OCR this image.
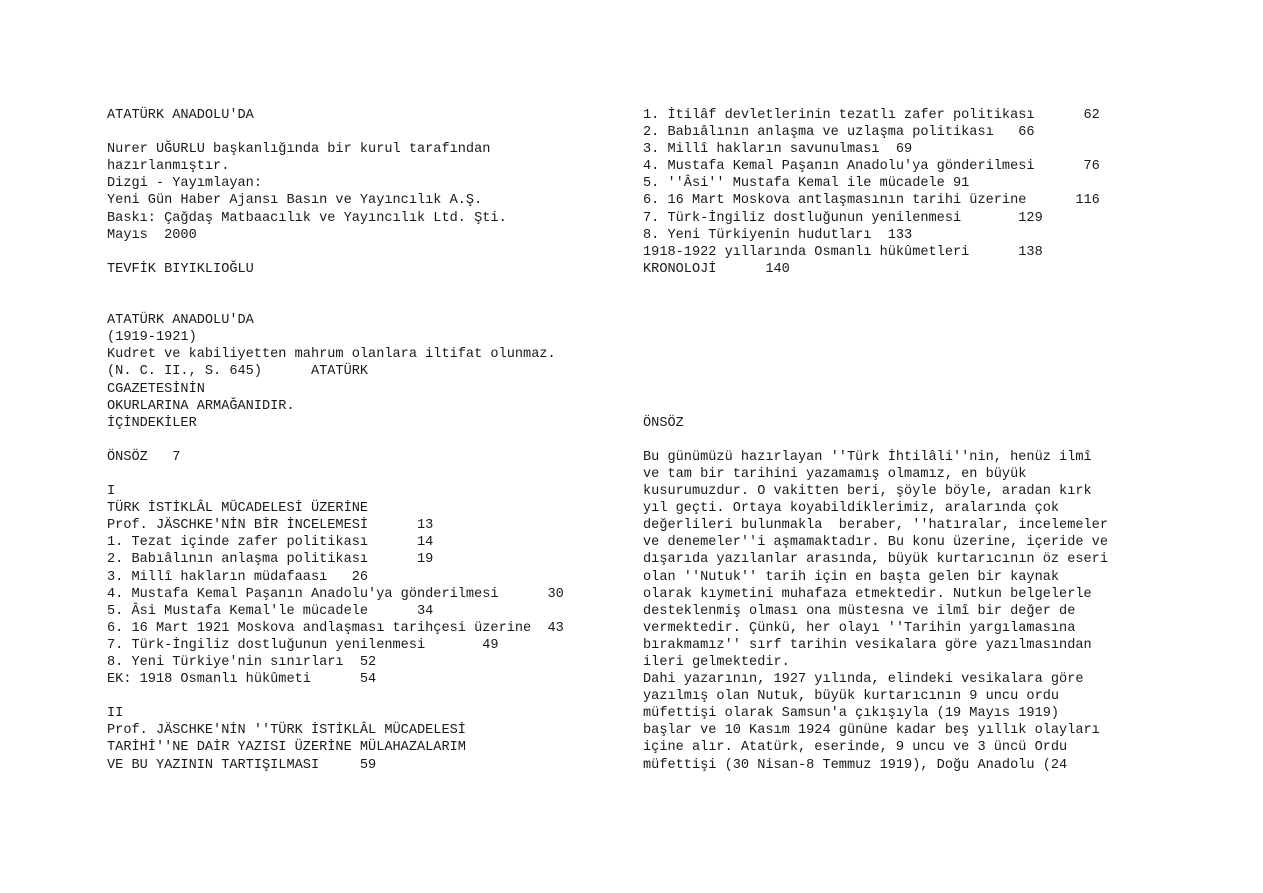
ATATÜRK ANADOLU'DA
Nurer UĞURLU başkanlığında bir kurul tarafından
hazırlanmıştır.
Dizgi - Yayımlayan:
Yeni Gün Haber Ajansı Basın ve Yayıncılık A.Ş.
Baskı: Çağdaş Matbaacılık ve Yayıncılık Ltd. Şti.
Mayıs  2000
TEVFİK BIYIKLIOĞLU
ATATÜRK ANADOLU'DA
(1919-1921)
Kudret ve kabiliyetten mahrum olanlara iltifat olunmaz.
(N. C. II., S. 645)      ATATÜRK
CGAZETESİNİN
OKURLARINA ARMAĞANIDIR.
İÇİNDEKİLER
ÖNSÖZ   7
I
TÜRK İSTİKLÂL MÜCADELESİ ÜZERİNE
Prof. JÄSCHKE'NİN BİR İNCELEMESİ      13
1. Tezat içinde zafer politikası      14
2. Babıâlının anlaşma politikası      19
3. Millî hakların müdafaası   26
4. Mustafa Kemal Paşanın Anadolu'ya gönderilmesi      30
5. Âsi Mustafa Kemal'le mücadele      34
6. 16 Mart 1921 Moskova andlaşması tarihçesi üzerine  43
7. Türk-İngiliz dostluğunun yenilenmesi       49
8. Yeni Türkiye'nin sınırları  52
EK: 1918 Osmanlı hükûmeti      54
II
Prof. JÄSCHKE'NİN ''TÜRK İSTİKLÂL MÜCADELESİ
TARİHİ''NE DAİR YAZISI ÜZERİNE MÜLAHAZALARIM
VE BU YAZININ TARTIŞILMASI     59
1. İtilâf devletlerinin tezatlı zafer politikası      62
2. Babıâlının anlaşma ve uzlaşma politikası   66
3. Millî hakların savunulması  69
4. Mustafa Kemal Paşanın Anadolu'ya gönderilmesi      76
5. ''Âsi'' Mustafa Kemal ile mücadele 91
6. 16 Mart Moskova antlaşmasının tarihi üzerine      116
7. Türk-İngiliz dostluğunun yenilenmesi       129
8. Yeni Türkiyenin hudutları  133
1918-1922 yıllarında Osmanlı hükûmetleri      138
KRONOLOJİ      140
ÖNSÖZ
Bu günümüzü hazırlayan ''Türk İhtilâli''nin, henüz ilmî
ve tam bir tarihini yazamamış olmamız, en büyük
kusurumuzdur. O vakitten beri, şöyle böyle, aradan kırk
yıl geçti. Ortaya koyabildiklerimiz, aralarında çok
değerlileri bulunmakla  beraber, ''hatıralar, incelemeler
ve denemeler''i aşmamaktadır. Bu konu üzerine, içeride ve
dışarıda yazılanlar arasında, büyük kurtarıcının öz eseri
olan ''Nutuk'' tarih için en başta gelen bir kaynak
olarak kıymetini muhafaza etmektedir. Nutkun belgelerle
desteklenmiş olması ona müstesna ve ilmî bir değer de
vermektedir. Çünkü, her olayı ''Tarihin yargılamasına
bırakmamız'' sırf tarihin vesikalara göre yazılmasından
ileri gelmektedir.
Dahi yazarının, 1927 yılında, elindeki vesikalara göre
yazılmış olan Nutuk, büyük kurtarıcının 9 uncu ordu
müfettişi olarak Samsun'a çıkışıyla (19 Mayıs 1919)
başlar ve 10 Kasım 1924 gününe kadar beş yıllık olayları
içine alır. Atatürk, eserinde, 9 uncu ve 3 üncü Ordu
müfettişi (30 Nisan-8 Temmuz 1919), Doğu Anadolu (24
